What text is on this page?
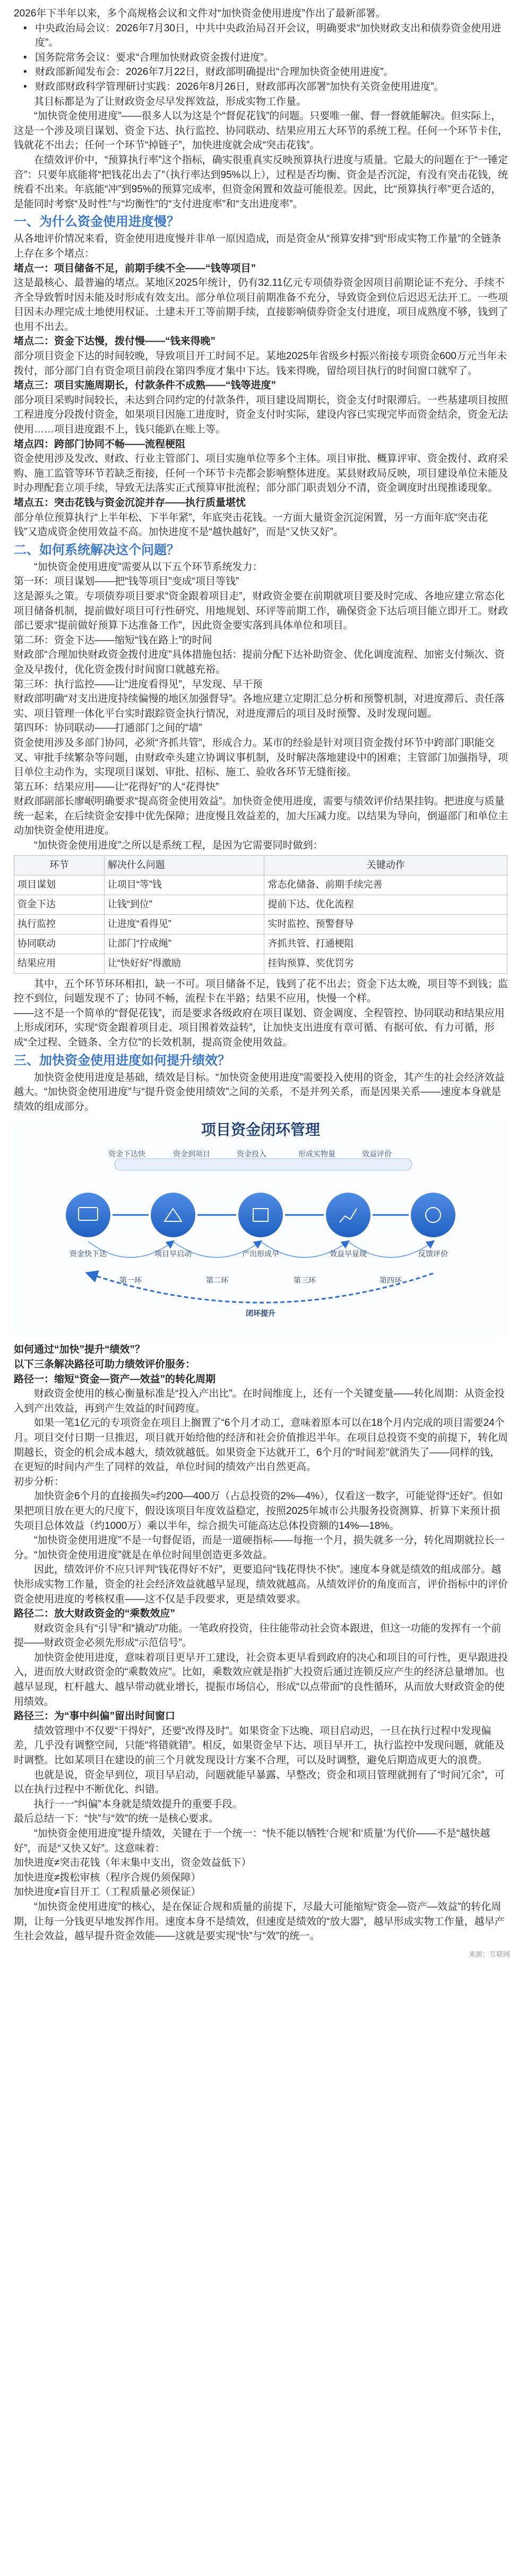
2026年下半年以来，多个高规格会议和文件对“加快资金使用进度”作出了最新部署。

• 中央政治局会议：2026年7月30日，中共中央政治局召开会议，明确要求“加快财政支出和债券资金使用进度”。
• 国务院常务会议：要求“合理加快财政资金拨付进度”。
• 财政部新闻发布会：2026年7月22日，财政部明确提出“合理加快资金使用进度”。
• 财政部财政科学管理研讨实践：2026年8月26日，财政部再次部署“加快有关资金使用进度”。

其目标都是为了让财政资金尽早发挥效益，形成实物工作量。

“加快资金使用进度”——很多人以为这是个“督促花钱”的问题。只要唯一催、督一督就能解决。但实际上，这是一个涉及项目谋划、资金下达、执行监控、协同联动、结果应用五大环节的系统工程。任何一个环节卡住，钱就花不出去；任何一个环节“掉链子”，加快进度就会成“突击花钱”。

在绩效评价中，“预算执行率”这个指标，确实很重真实反映预算执行进度与质量。它最大的问题在于“一锤定音”：只要年底能将“把钱花出去了”（执行率达到95%以上），过程是否均衡、资金是否沉淀，有没有突击花钱，统统看不出来。年底能“冲”到95%的预算完成率，但资金闲置和效益可能很差。因此，比“预算执行率”更合适的，是能同时考察“及时性”与“均衡性”的“支付进度率”和“支出进度率”。

一、为什么资金使用进度慢？

从各地评价情况来看，资金使用进度慢并非单一原因造成，而是资金从“预算安排”到“形成实物工作量”的全链条上存在多个堵点：

堵点一：项目储备不足，前期手续不全——“钱等项目”

这是最核心、最普遍的堵点。某地区2025年统计，仍有32.11亿元专项债券资金因项目前期论证不充分、手续不齐全导致暂时因未能及时形成有效支出。部分单位项目前期准备不充分，导致资金到位后迟迟无法开工。一些项目因未办理完成土地使用权证、土建未开工等前期手续，直接影响债券资金支付进度，项目成熟度不够，钱到了也用不出去。

堵点二：资金下达慢，拨付慢——“钱来得晚”

部分项目资金下达的时间较晚，导致项目开工时间不足。某地2025年省级乡村振兴衔接专项资金600万元当年未拨付，部分部门自有资金项目前段在第四季度才集中下达。钱来得晚，留给项目执行的时间窗口就窄了。

堵点三：项目实施周期长，付款条件不成熟——“钱等进度”

部分项目采购时间较长，未达到合同约定的付款条件，项目建设周期长，资金支付时限滞后。一些基建项目按照工程进度分段拨付资金，如果项目因施工进度时，资金支付时实际，建设内容已实现完毕而资金结余，资金无法使用……项目进度跟不上，钱只能趴在账上等。

堵点四：跨部门协同不畅——流程梗阻

资金使用涉及发改、财政、行业主管部门、项目实施单位等多个主体。项目审批、概算评审、资金拨付、政府采购、施工监管等环节若缺乏衔接，任何一个环节卡壳都会影响整体进度。某县财政局反映，项目建设单位未能及时办理配套立项手续，导致无法落实正式预算审批流程；部分部门职责划分不清，资金调度时出现推诿现象。

堵点五：突击花钱与资金沉淀并存——执行质量堪忧

部分单位预算执行“上半年松、下半年紧”，年底突击花钱。一方面大量资金沉淀闲置，另一方面年底“突击花钱”又造成资金使用效益不高。加快进度不是“越快越好”，而是“又快又好”。

二、如何系统解决这个问题？

“加快资金使用进度”需要从以下五个环节系统发力：

第一环：项目谋划——把“钱等项目”变成“项目等钱”

这是源头之策。专项债券项目要求“资金跟着项目走”，财政资金要在前期就项目要及时完成、各地应建立常态化项目储备机制，提前做好项目可行性研究、用地规划、环评等前期工作，确保资金下达后项目能立即开工。财政部已要求“提前做好预算下达准备工作”，因此资金要实落到具体单位和项目。

第二环：资金下达——缩短“钱在路上”的时间

财政部“合理加快财政资金拨付进度”具体措施包括：提前分配下达补助资金、优化调度流程、加密支付频次、资金及早拨付，优化资金拨付时间窗口就越充裕。

第三环：执行监控——让“进度看得见”，早发现、早干预

财政部明确“对支出进度持续偏慢的地区加强督导”。各地应建立定期汇总分析和预警机制，对进度滞后、责任落实、项目管理一体化平台实时跟踪资金执行情况，对进度滞后的项目及时预警、及时发现问题。

第四环：协同联动——打通部门之间的“墙”

资金使用涉及多部门协同，必须“齐抓共管”，形成合力。某市的经验是针对项目资金拨付环节中跨部门职能交叉、审批手续繁杂等问题，由财政牵头建立协调议事机制，及时解决落地建设中的困难；主管部门加强指导，项目单位主动作为，实现项目谋划、审批、招标、施工、验收各环节无缝衔接。

第五环：结果应用——让“花得好”的人“花得快”

财政部副部长廖岷明确要求“提高资金使用效益”。加快资金使用进度，需要与绩效评价结果挂钩。把进度与质量统一起来，在后续资金安排中优先保障；进度慢且效益差的，加大压减力度。以结果为导向，倒逼部门和单位主动加快资金使用进度。

“加快资金使用进度”之所以是系统工程，是因为它需要同时做到：

环节	解决什么问题	关键动作
项目谋划	让项目“等”钱	常态化储备、前期手续完善
资金下达	让钱“到位”	提前下达、优化流程
执行监控	让进度“看得见”	实时监控、预警督导
协同联动	让部门“拧成绳”	齐抓共管、打通梗阻
结果应用	让“快好好”得激励	挂钩预算、奖优罚劣

其中，五个环节环环相扣，缺一不可。项目储备不足，钱到了花不出去；资金下达太晚，项目等不到钱；监控不到位，问题发现不了；协同不畅，流程卡在半路；结果不应用，快慢一个样。

——这不是一个简单的“督促花钱”，而是要求各级政府在项目谋划、资金调度、全程管控、协同联动和结果应用上形成闭环，实现“资金跟着项目走、项目围着效益转”，让加快支出进度有章可循、有据可依、有力可循，形成“全过程、全链条、全方位”的长效机制，提高资金使用效益。

三、加快资金使用进度如何提升绩效？

加快资金使用进度是基础，绩效是目标。“加快资金使用进度”需要投入使用的资金，其产生的社会经济效益越大。“加快资金使用进度”与“提升资金使用绩效”之间的关系，不是并列关系，而是因果关系——速度本身就是绩效的组成部分。

项目资金闭环管理
资金下达快	资金到项目	资金投入	形成实物量	效益评价
资金快下达	项目早启动	产出形成早	效益早显现	反馈评价
第一环	第二环	第三环	第四环
闭环提升

如何通过“加快”提升“绩效”？

以下三条解决路径可助力绩效评价服务：

路径一：缩短“资金—资产—效益”的转化周期

财政资金使用的核心衡量标准是“投入产出比”。在时间维度上，还有一个关键变量——转化周期：从资金投入到产出效益，再到产生效益的时间跨度。

如果一笔1亿元的专项资金在项目上搁置了“6个月才动工，意味着原本可以在18个月内完成的项目需要24个月。项目交付日期一旦推迟，项目就开始给他的经济和社会价值推迟半年。在项目总投资不变的前提下，转化周期越长，资金的机会成本越大，绩效就越低。如果资金下达就开工，6个月的“时间差”就消失了——同样的钱，在更短的时间内产生了同样的效益，单位时间的绩效产出自然更高。

初步分析：

加快资金6个月的直接损失≈约200—400万（占总投资的2%—4%），仅看这一数字，可能觉得“还好”。但如果把项目放在更大的尺度下，假设该项目年度效益稳定，按照2025年城市公共服务投资测算、折算下来预计损失项目总体效益（约1000万）乘以半年，综合损失可能高达总体投资额的14%—18%。

“加快资金使用进度”不是一句督促语，而是一道硬指标——每拖一个月，损失就多一分，转化周期就拉长一分。“加快资金使用进度”就是在单位时间里创造更多效益。

因此，绩效评价不应只评判“钱花得好不好”，更要追问“钱花得快不快”。速度本身就是绩效的组成部分。越快形成实物工作量，资金的社会经济效益就越早显现，绩效就越高。从绩效评价的角度而言，评价指标中的评价资金使用进度的考核权重——这不仅是手段要求，更是绩效要求。

路径二：放大财政资金的“乘数效应”

财政资金具有“引导”和“撬动”功能。一笔政府投资，往往能带动社会资本跟进，但这一功能的发挥有一个前提——财政资金必须先形成“示范信号”。

加快资金使用进度，意味着项目更早开工建设，社会资本更早看到政府的决心和项目的可行性，更早跟进投入，进而放大财政资金的“乘数效应”。比如，乘数效应就是指扩大投资后通过连锁反应产生的经济总量增加。也越早显现，杠杆越大、越早带动就业增长，提振市场信心，形成“以点带面”的良性循环，从而放大财政资金的使用绩效。

路径三：为“事中纠偏”留出时间窗口

绩效管理中不仅要“干得好”，还要“改得及时”。如果资金下达晚、项目启动迟，一旦在执行过程中发现偏差，几乎没有调整空间，只能“将错就错”。相反，如果资金早下达、项目早开工，执行监控中发现问题，就能及时调整。比如某项目在建设的前三个月就发现设计方案不合理，可以及时调整，避免后期造成更大的浪费。

也就是说，资金早到位，项目早启动，问题就能早暴露、早整改；资金和项目管理就拥有了“时间冗余”，可以在执行过程中不断优化、纠错。

执行一一“纠偏”本身就是绩效提升的重要手段。

最后总结一下：“快”与“效”的统一是核心要求。

“加快资金使用进度”提升绩效，关键在于一个统一：“快不能以牺牲‘合规’和‘质量’为代价——不是“越快越好”，而是“又快又好”。这意味着：

加快进度≠突击花钱（年末集中支出，资金效益低下）

加快进度≠拨松审核（程序合规仍须保障）

加快进度≠盲目开工（工程质量必须保证）

“加快资金使用进度”的核心，是在保证合规和质量的前提下，尽最大可能缩短“资金—资产—效益”的转化周期，让每一分钱更早地发挥作用。速度本身不是绩效，但速度是绩效的“放大器”，越早形成实物工作量，越早产生社会效益，越早提升资金效能——这就是要实现“快”与“效”的统一。

来源：互联网
